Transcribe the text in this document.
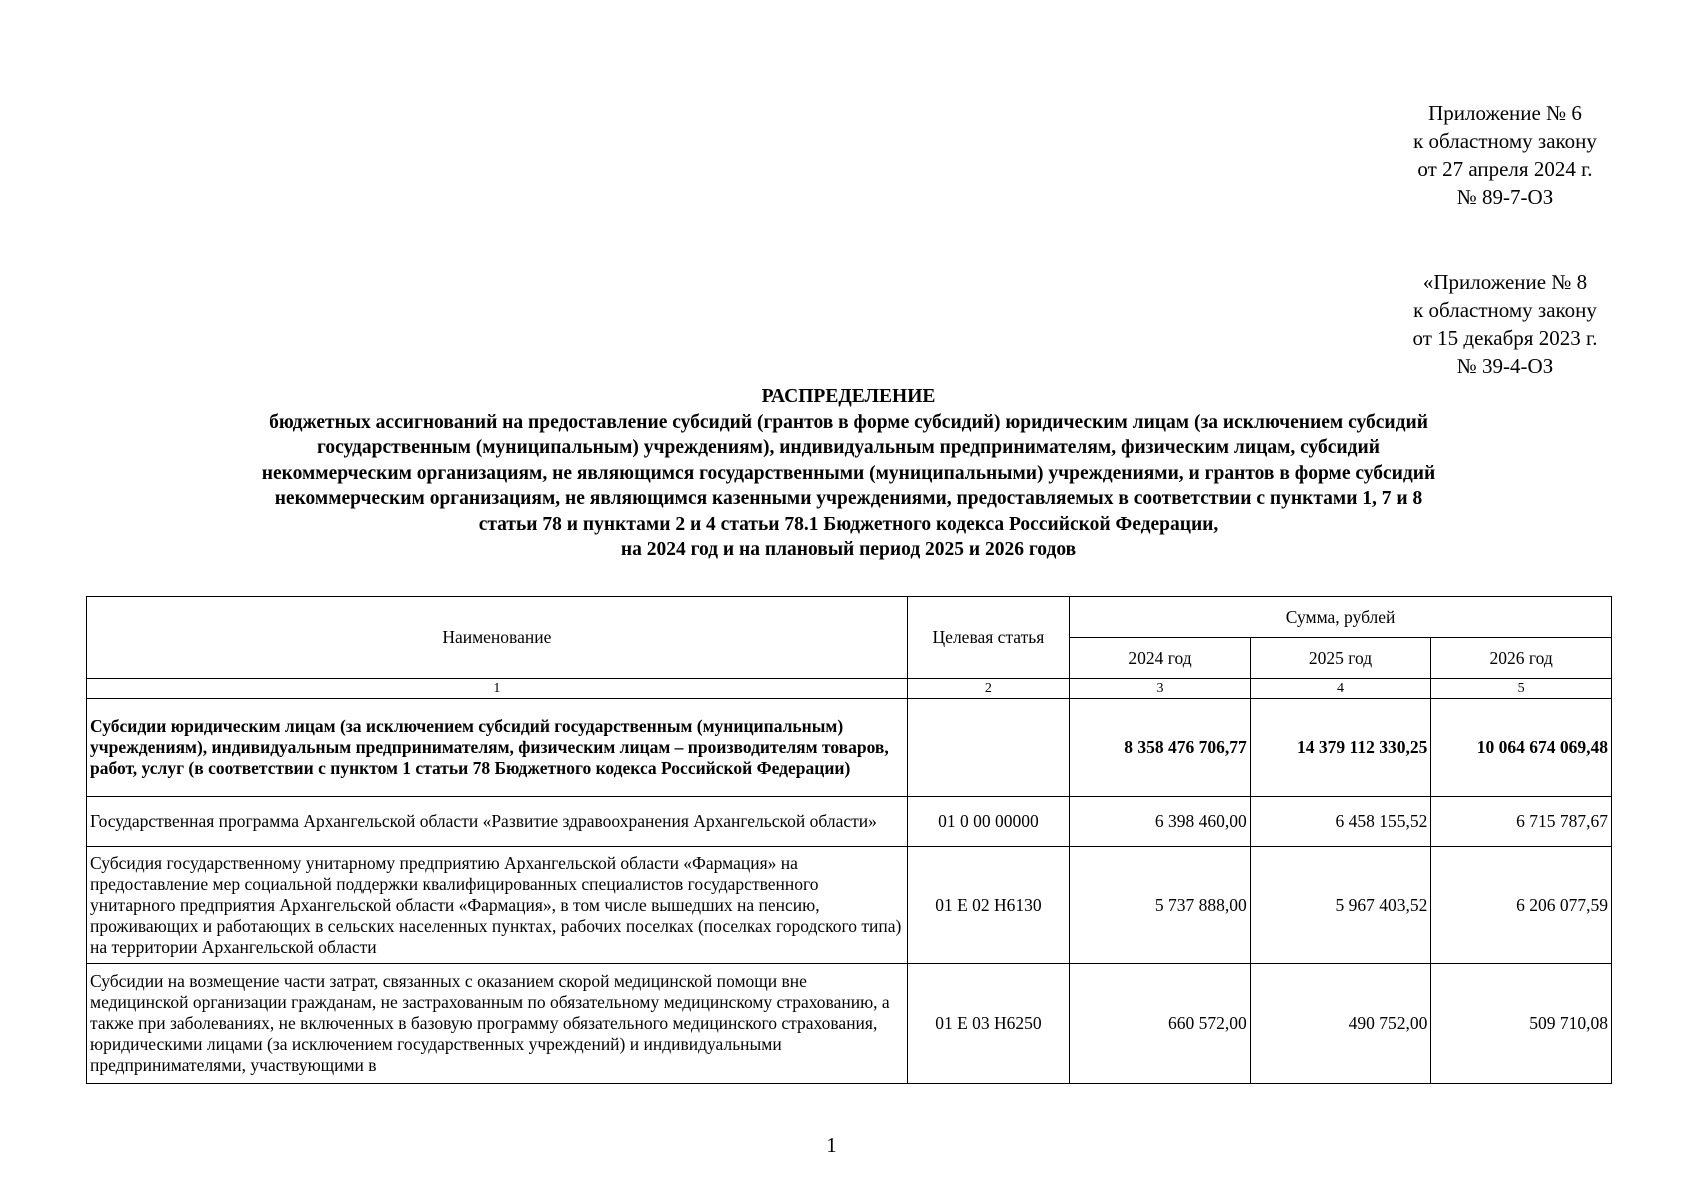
Приложение № 6
к областному закону
от 27 апреля 2024 г.
№ 89-7-ОЗ
«Приложение № 8
к областному закону
от 15 декабря 2023 г.
№ 39-4-ОЗ
РАСПРЕДЕЛЕНИЕ
бюджетных ассигнований на предоставление субсидий (грантов в форме субсидий) юридическим лицам (за исключением субсидий
государственным (муниципальным) учреждениям), индивидуальным предпринимателям, физическим лицам, субсидий
некоммерческим организациям, не являющимся государственными (муниципальными) учреждениями, и грантов в форме субсидий
некоммерческим организациям, не являющимся казенными учреждениями, предоставляемых в соответствии с пунктами 1, 7 и 8
статьи 78 и пунктами 2 и 4 статьи 78.1 Бюджетного кодекса Российской Федерации,
на 2024 год и на плановый период 2025 и 2026 годов
Наименование	Целевая статья	Сумма, рублей		
		2024 год	2025 год	2026 год
1	2	3	4	5
Субсидии юридическим лицам (за исключением субсидий государственным (муниципальным) учреждениям), индивидуальным предпринимателям, физическим лицам – производителям товаров, работ, услуг (в соответствии с пунктом 1 статьи 78 Бюджетного кодекса Российской Федерации)		8 358 476 706,77	14 379 112 330,25	10 064 674 069,48
Государственная программа Архангельской области «Развитие здравоохранения Архангельской области»	01 0 00 00000	6 398 460,00	6 458 155,52	6 715 787,67
Субсидия государственному унитарному предприятию Архангельской области «Фармация» на предоставление мер социальной поддержки квалифицированных специалистов государственного унитарного предприятия Архангельской области «Фармация», в том числе вышедших на пенсию, проживающих и работающих в сельских населенных пунктах, рабочих поселках (поселках городского типа) на территории Архангельской области	01 Е 02 Н6130	5 737 888,00	5 967 403,52	6 206 077,59

Субсидии на возмещение части затрат, связанных с оказанием скорой медицинской помощи вне медицинской организации гражданам, не застрахованным по обязательному медицинскому страхованию, а также при заболеваниях, не включенных в базовую программу обязательного медицинского страхования, юридическими лицами (за исключением государственных учреждений) и индивидуальными предпринимателями, участвующими в	01 Е 03 Н6250	660 572,00	490 752,00	509 710,08
1
